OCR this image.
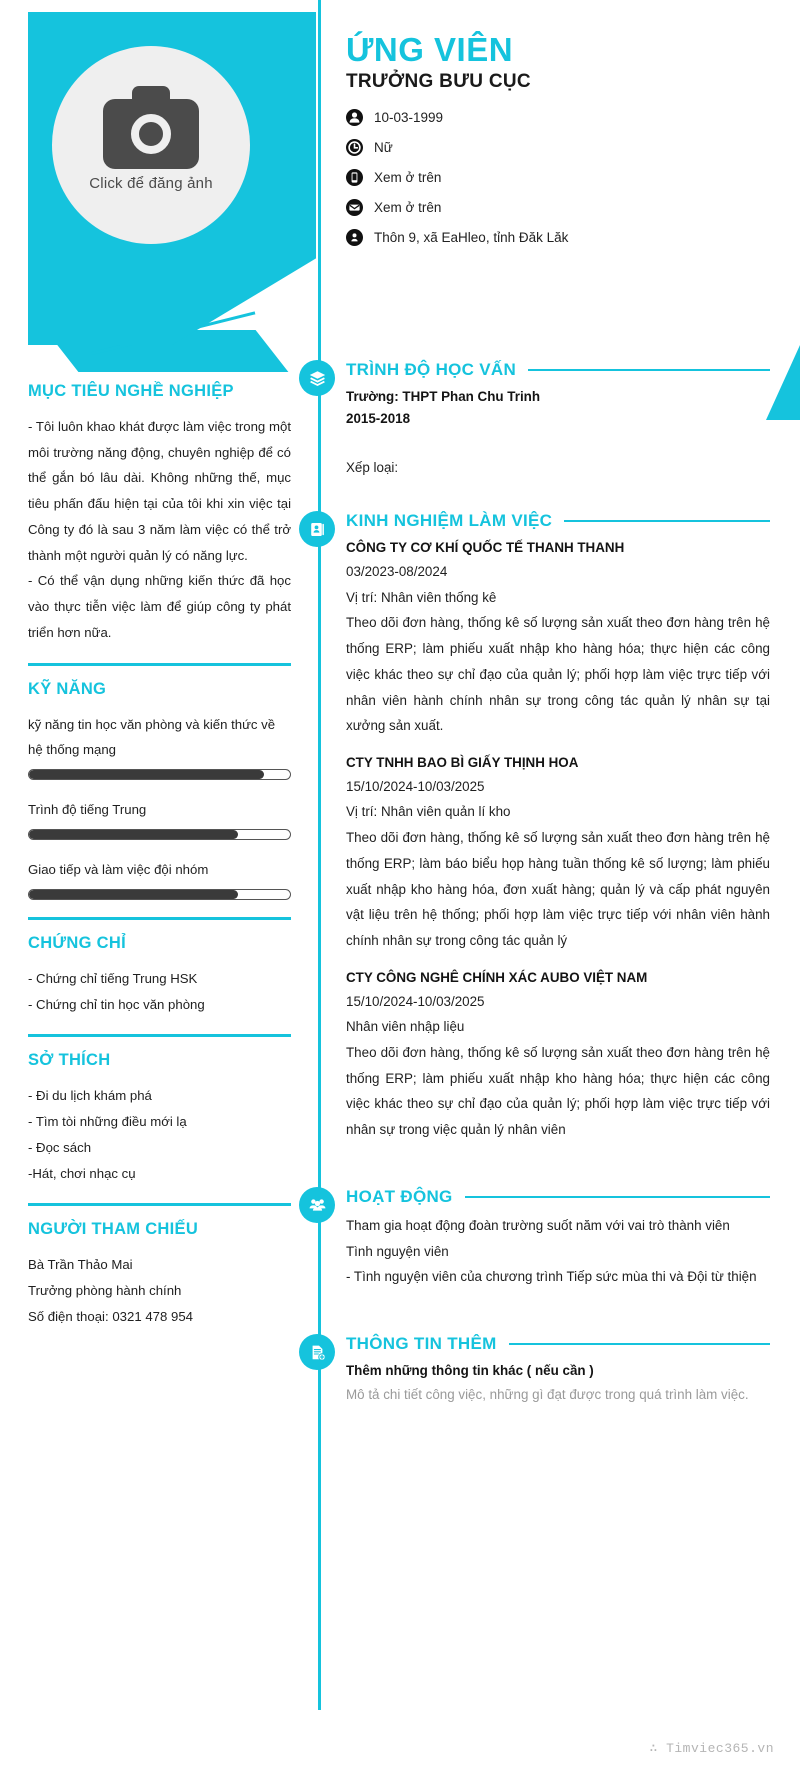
Click để đăng ảnh
ỨNG VIÊN
TRƯỞNG BƯU CỤC
10-03-1999
Nữ
Xem ở trên
Xem ở trên
Thôn 9, xã EaHleo, tỉnh Đăk Lăk
MỤC TIÊU NGHỀ NGHIỆP
- Tôi luôn khao khát được làm việc trong một môi trường năng động, chuyên nghiệp để có thể gắn bó lâu dài. Không những thế, mục tiêu phấn đấu hiện tại của tôi khi xin việc tại Công ty đó là sau 3 năm làm việc có thể trở thành một người quản lý có năng lực.
- Có thể vận dụng những kiến thức đã học vào thực tiễn việc làm để giúp công ty phát triển hơn nữa.
KỸ NĂNG
kỹ năng tin học văn phòng và kiến thức về hệ thống mạng
Trình độ tiếng Trung
Giao tiếp và làm việc đội nhóm
CHỨNG CHỈ
- Chứng chỉ tiếng Trung HSK
- Chứng chỉ tin học văn phòng
SỞ THÍCH
- Đi du lịch khám phá
- Tìm tòi những điều mới lạ
- Đọc sách
-Hát, chơi nhạc cụ
NGƯỜI THAM CHIẾU
Bà Trần Thảo Mai
Trưởng phòng hành chính
Số điện thoại: 0321 478 954
TRÌNH ĐỘ HỌC VẤN
Trường: THPT Phan Chu Trinh
2015-2018
Xếp loại:
KINH NGHIỆM LÀM VIỆC
CÔNG TY CƠ KHÍ QUỐC TẾ THANH THANH
03/2023-08/2024
Vị trí: Nhân viên thống kê
Theo dõi đơn hàng, thống kê số lượng sản xuất theo đơn hàng trên hệ thống ERP; làm phiếu xuất nhập kho hàng hóa; thực hiện các công việc khác theo sự chỉ đạo của quản lý; phối hợp làm việc trực tiếp với nhân viên hành chính nhân sự trong công tác quản lý nhân sự tại xưởng sản xuất.
CTY TNHH BAO BÌ GIẤY THỊNH HOA
15/10/2024-10/03/2025
Vị trí: Nhân viên quản lí kho
Theo dõi đơn hàng, thống kê số lượng sản xuất theo đơn hàng trên hệ thống ERP; làm báo biểu họp hàng tuần thống kê số lượng; làm phiếu xuất nhập kho hàng hóa, đơn xuất hàng; quản lý và cấp phát nguyên vật liệu trên hệ thống; phối hợp làm việc trực tiếp với nhân viên hành chính nhân sự trong công tác quản lý
CTY CÔNG NGHÊ CHÍNH XÁC AUBO VIỆT NAM
15/10/2024-10/03/2025
Nhân viên nhập liệu
Theo dõi đơn hàng, thống kê số lượng sản xuất theo đơn hàng trên hệ thống ERP; làm phiếu xuất nhập kho hàng hóa; thực hiện các công việc khác theo sự chỉ đạo của quản lý; phối hợp làm việc trực tiếp với nhân sự trong việc quản lý nhân viên
HOẠT ĐỘNG
Tham gia hoạt động đoàn trường suốt năm với vai trò thành viên
Tình nguyện viên
- Tình nguyện viên của chương trình Tiếp sức mùa thi và Đội từ thiện
THÔNG TIN THÊM
Thêm những thông tin khác ( nếu cần )
Mô tả chi tiết công việc, những gì đạt được trong quá trình làm việc.
∴ Timviec365.vn
